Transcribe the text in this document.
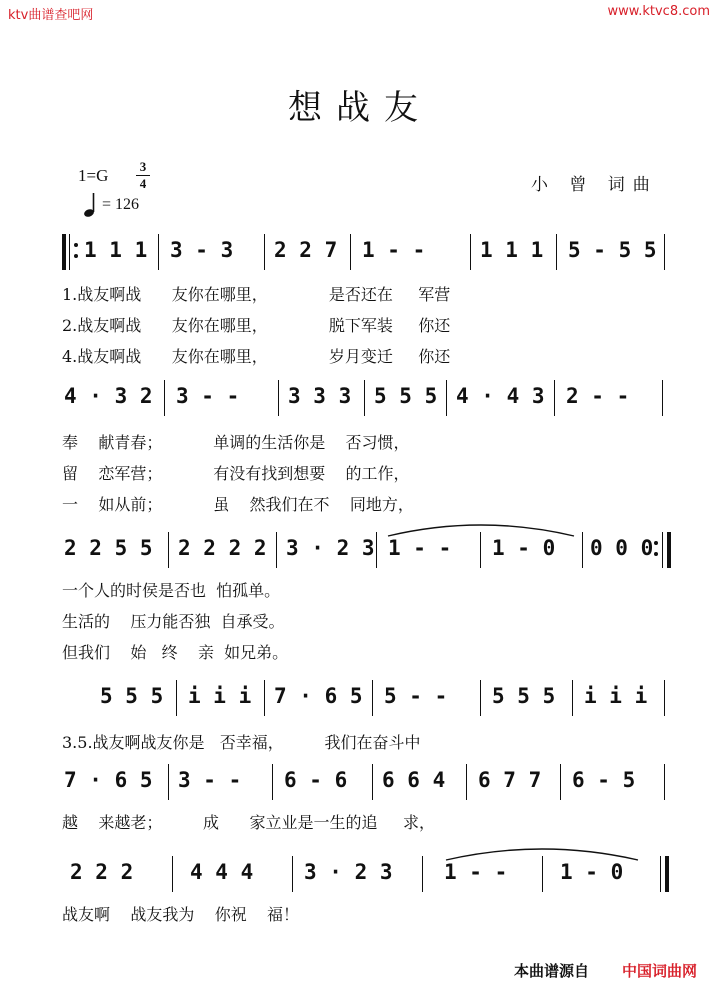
ktv曲谱查吧网	www.ktvc8.com
想战友
1=G 3
4
= 126
小 曾 词曲
1 1 1	3 - 3	2 2 7	1 - -	1 1 1	5 - 5 5
1.战友啊战      友你在哪里，            是否还在     军营
2.战友啊战      友你在哪里，            脱下军装     你还
4.战友啊战      友你在哪里，            岁月变迁     你还
4 · 3 2 3 - -	3 3 3	5 5 5 4 · 4 3 2 - -
奉    献青春；          单调的生活你是    否习惯，
留    恋军营；          有没有找到想要    的工作，
一    如从前；          虽    然我们在不    同地方，
2 2 5 5 2 2 2 2 3 · 2 3 1 - -	1 - 0	0 0 0
一个人的时侯是否也  怕孤单。
生活的    压力能否独  自承受。
但我们    始   终    亲  如兄弟。
5 5 5	i i i	7 · 6 5 5 - -	5 5 5	i i i
3.5.战友啊战友你是   否幸福，        我们在奋斗中
7 · 6 5 3 - -	6 - 6	6 6 4	6 7 7	6 - 5
越    来越老；        成      家立业是一生的追     求，
2 2 2	4 4 4	3 · 2 3 1 - -	1 - 0
战友啊    战友我为    你祝    福！
本曲谱源自 中国词曲网
